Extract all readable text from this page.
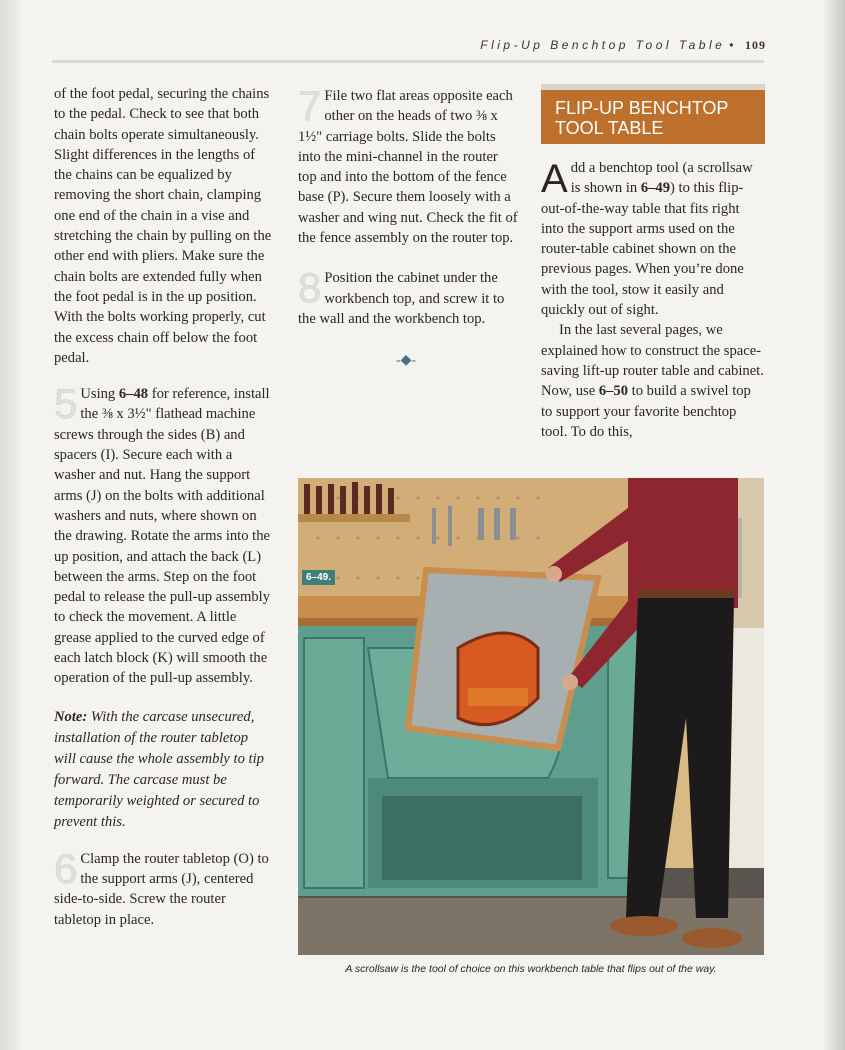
Flip-Up Benchtop Tool Table • 109

of the foot pedal, securing the chains to the pedal. Check to see that both chain bolts operate simultaneously. Slight differences in the lengths of the chains can be equalized by removing the short chain, clamping one end of the chain in a vise and stretching the chain by pulling on the other end with pliers. Make sure the chain bolts are extended fully when the foot pedal is in the up position. With the bolts working properly, cut the excess chain off below the foot pedal.

5 Using 6–48 for reference, install the ⅜ x 3½" flathead machine screws through the sides (B) and spacers (I). Secure each with a washer and nut. Hang the support arms (J) on the bolts with additional washers and nuts, where shown on the drawing. Rotate the arms into the up position, and attach the back (L) between the arms. Step on the foot pedal to release the pull-up assembly to check the movement. A little grease applied to the curved edge of each latch block (K) will smooth the operation of the pull-up assembly.

Note: With the carcase unsecured, installation of the router tabletop will cause the whole assembly to tip forward. The carcase must be temporarily weighted or secured to prevent this.

6 Clamp the router tabletop (O) to the support arms (J), centered side-to-side. Screw the router tabletop in place.

7 File two flat areas opposite each other on the heads of two ⅜ x 1½" carriage bolts. Slide the bolts into the mini-channel in the router top and into the bottom of the fence base (P). Secure them loosely with a washer and wing nut. Check the fit of the fence assembly on the router top.

8 Position the cabinet under the workbench top, and screw it to the wall and the workbench top.

-◆-
FLIP-UP BENCHTOP
TOOL TABLE

Add a benchtop tool (a scrollsaw is shown in 6–49) to this flip-out-of-the-way table that fits right into the support arms used on the router-table cabinet shown on the previous pages. When you’re done with the tool, stow it easily and quickly out of sight.

In the last several pages, we explained how to construct the space-saving lift-up router table and cabinet. Now, use 6–50 to build a swivel top to support your favorite benchtop tool. To do this,

6–49.
A scrollsaw is the tool of choice on this workbench table that flips out of the way.
